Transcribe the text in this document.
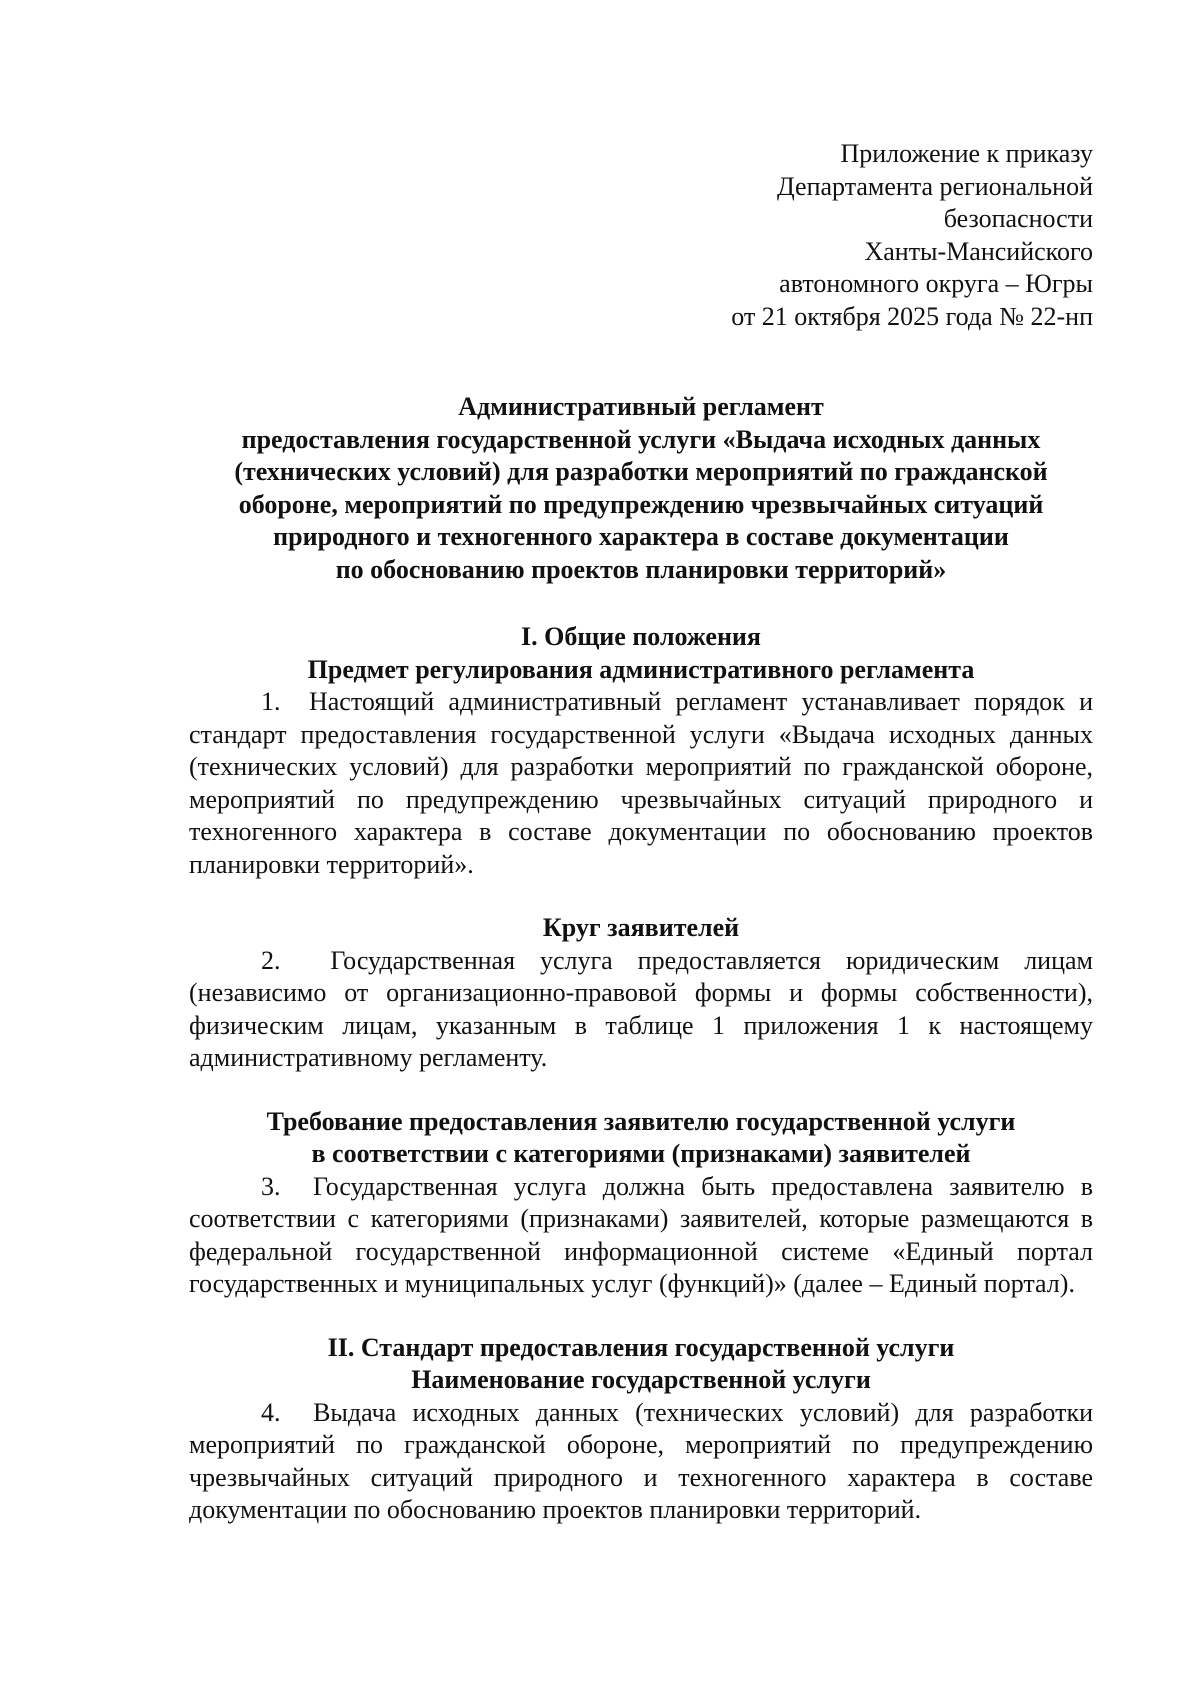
Приложение к приказу
Департамента региональной
безопасности
Ханты-Мансийского
автономного округа – Югры
от 21 октября 2025 года № 22-нп
Административный регламент
предоставления государственной услуги «Выдача исходных данных
(технических условий) для разработки мероприятий по гражданской
обороне, мероприятий по предупреждению чрезвычайных ситуаций
природного и техногенного характера в составе документации
по обоснованию проектов планировки территорий»
I. Общие положения
Предмет регулирования административного регламента

1. Настоящий административный регламент устанавливает порядок и стандарт предоставления государственной услуги «Выдача исходных данных (технических условий) для разработки мероприятий по гражданской обороне, мероприятий по предупреждению чрезвычайных ситуаций природного и техногенного характера в составе документации по обоснованию проектов планировки территорий».

Круг заявителей

2. Государственная услуга предоставляется юридическим лицам (независимо от организационно-правовой формы и формы собственности), физическим лицам, указанным в таблице 1 приложения 1 к настоящему административному регламенту.

Требование предоставления заявителю государственной услуги
в соответствии с категориями (признаками) заявителей

3. Государственная услуга должна быть предоставлена заявителю в соответствии с категориями (признаками) заявителей, которые размещаются в федеральной государственной информационной системе «Единый портал государственных и муниципальных услуг (функций)» (далее – Единый портал).

II. Стандарт предоставления государственной услуги
Наименование государственной услуги

4. Выдача исходных данных (технических условий) для разработки мероприятий по гражданской обороне, мероприятий по предупреждению чрезвычайных ситуаций природного и техногенного характера в составе документации по обоснованию проектов планировки территорий.
